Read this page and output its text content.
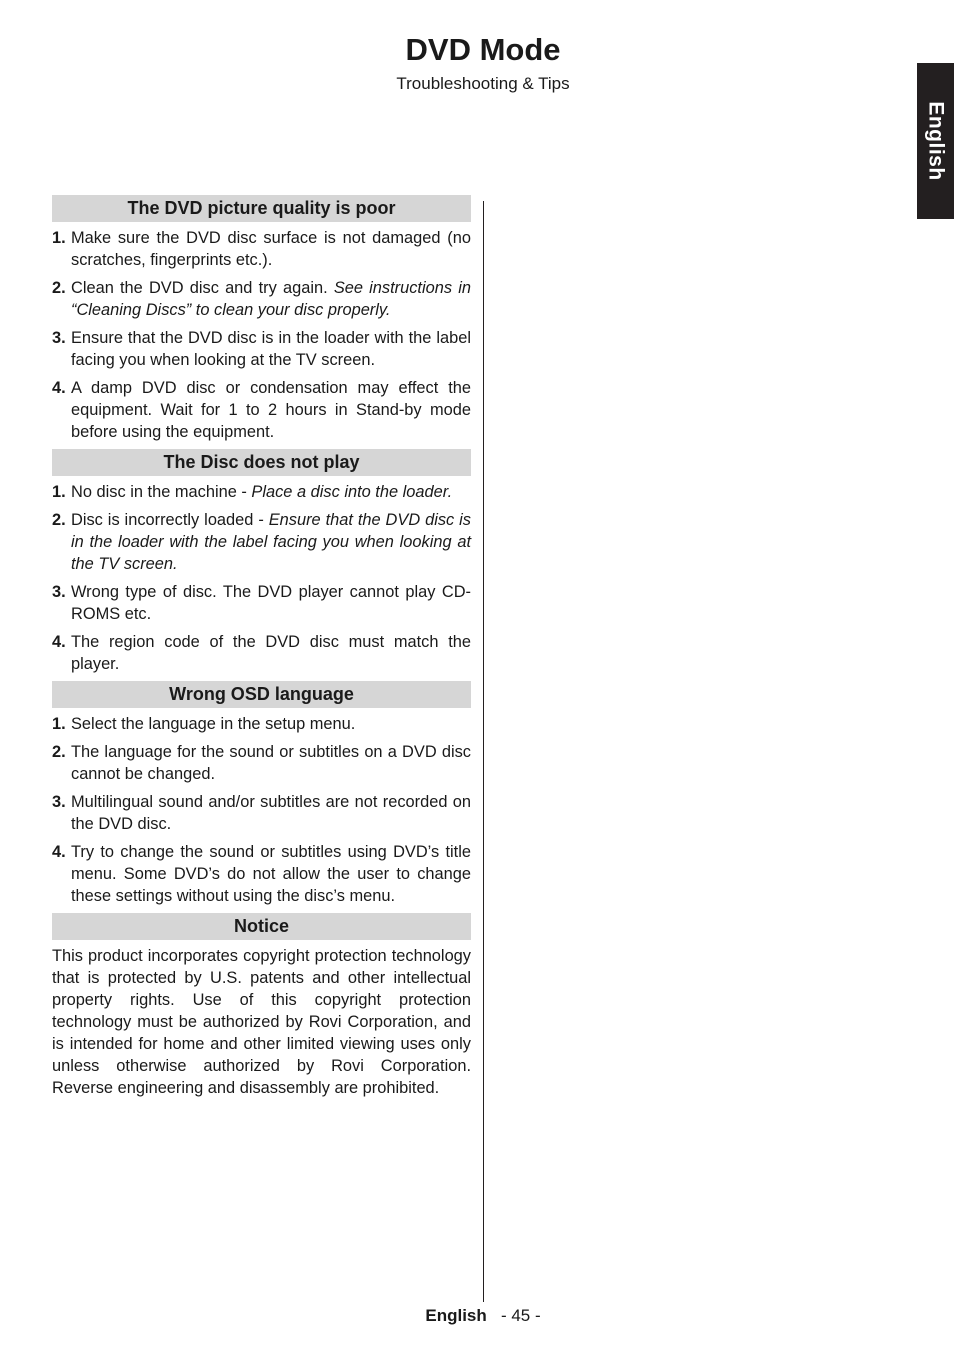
DVD Mode
Troubleshooting & Tips
English
The DVD picture quality is poor
1. Make sure the DVD disc surface is not damaged (no scratches, fingerprints etc.).
2. Clean the DVD disc and try again. See instructions in “Cleaning Discs” to clean your disc properly.
3. Ensure that the DVD disc is in the loader with the label facing you when looking at the TV screen.
4. A damp DVD disc or condensation may effect the equipment. Wait for 1 to 2 hours in Stand-by mode before using the equipment.
The Disc does not play
1. No disc in the machine - Place a disc into the loader.
2. Disc is incorrectly loaded - Ensure that the DVD disc is in the loader with the label facing you when looking at the TV screen.
3. Wrong type of disc. The DVD player cannot play CD-ROMS etc.
4. The region code of the DVD disc must match the player.
Wrong OSD language
1. Select the language in the setup menu.
2. The language for the sound or subtitles on a DVD disc cannot be changed.
3. Multilingual sound and/or subtitles are not recorded on the DVD disc.
4. Try to change the sound or subtitles using DVD’s title menu. Some DVD’s do not allow the user to change these settings without using the disc’s menu.
Notice

This product incorporates copyright protection technology that is protected by U.S. patents and other intellectual property rights. Use of this copyright protection technology must be authorized by Rovi Corporation, and is intended for home and other limited viewing uses only unless otherwise authorized by Rovi Corporation. Reverse engineering and disassembly are prohibited.

English - 45 -
